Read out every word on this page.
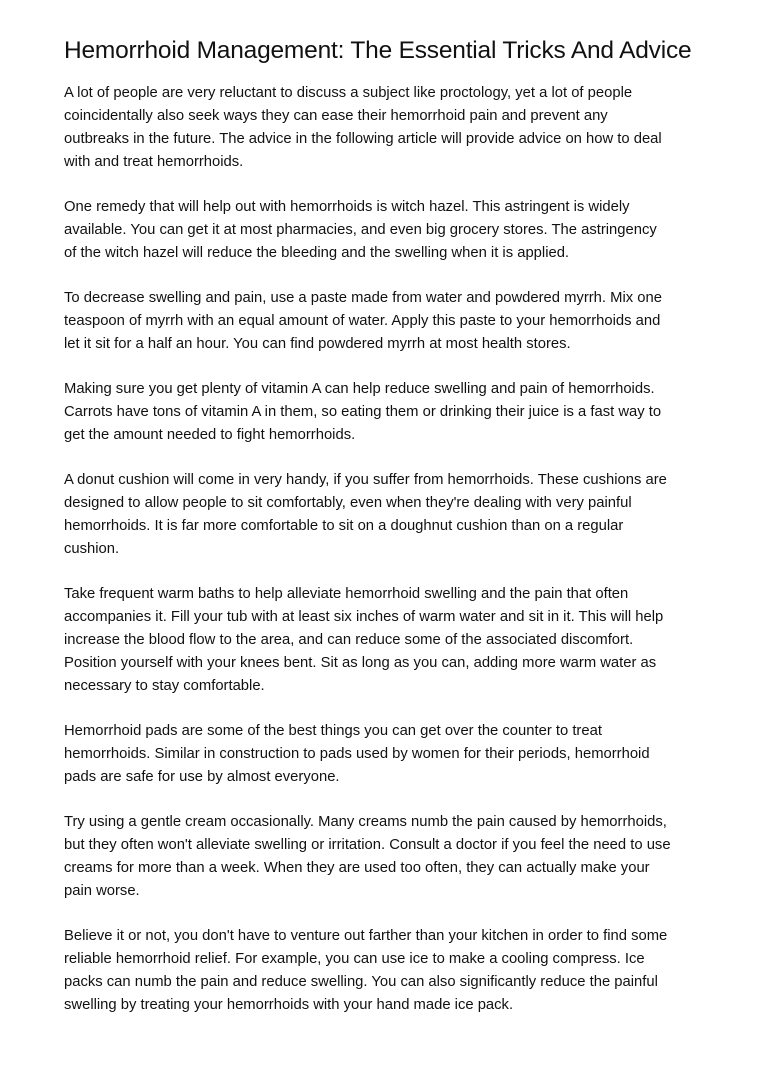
Hemorrhoid Management: The Essential Tricks And Advice

A lot of people are very reluctant to discuss a subject like proctology, yet a lot of people
coincidentally also seek ways they can ease their hemorrhoid pain and prevent any
outbreaks in the future. The advice in the following article will provide advice on how to deal
with and treat hemorrhoids.

One remedy that will help out with hemorrhoids is witch hazel. This astringent is widely
available. You can get it at most pharmacies, and even big grocery stores. The astringency
of the witch hazel will reduce the bleeding and the swelling when it is applied.

To decrease swelling and pain, use a paste made from water and powdered myrrh. Mix one
teaspoon of myrrh with an equal amount of water. Apply this paste to your hemorrhoids and
let it sit for a half an hour. You can find powdered myrrh at most health stores.

Making sure you get plenty of vitamin A can help reduce swelling and pain of hemorrhoids.
Carrots have tons of vitamin A in them, so eating them or drinking their juice is a fast way to
get the amount needed to fight hemorrhoids.

A donut cushion will come in very handy, if you suffer from hemorrhoids. These cushions are
designed to allow people to sit comfortably, even when they're dealing with very painful
hemorrhoids. It is far more comfortable to sit on a doughnut cushion than on a regular
cushion.

Take frequent warm baths to help alleviate hemorrhoid swelling and the pain that often
accompanies it. Fill your tub with at least six inches of warm water and sit in it. This will help
increase the blood flow to the area, and can reduce some of the associated discomfort.
Position yourself with your knees bent. Sit as long as you can, adding more warm water as
necessary to stay comfortable.

Hemorrhoid pads are some of the best things you can get over the counter to treat
hemorrhoids. Similar in construction to pads used by women for their periods, hemorrhoid
pads are safe for use by almost everyone.

Try using a gentle cream occasionally. Many creams numb the pain caused by hemorrhoids,
but they often won't alleviate swelling or irritation. Consult a doctor if you feel the need to use
creams for more than a week. When they are used too often, they can actually make your
pain worse.

Believe it or not, you don't have to venture out farther than your kitchen in order to find some
reliable hemorrhoid relief. For example, you can use ice to make a cooling compress. Ice
packs can numb the pain and reduce swelling. You can also significantly reduce the painful
swelling by treating your hemorrhoids with your hand made ice pack.
